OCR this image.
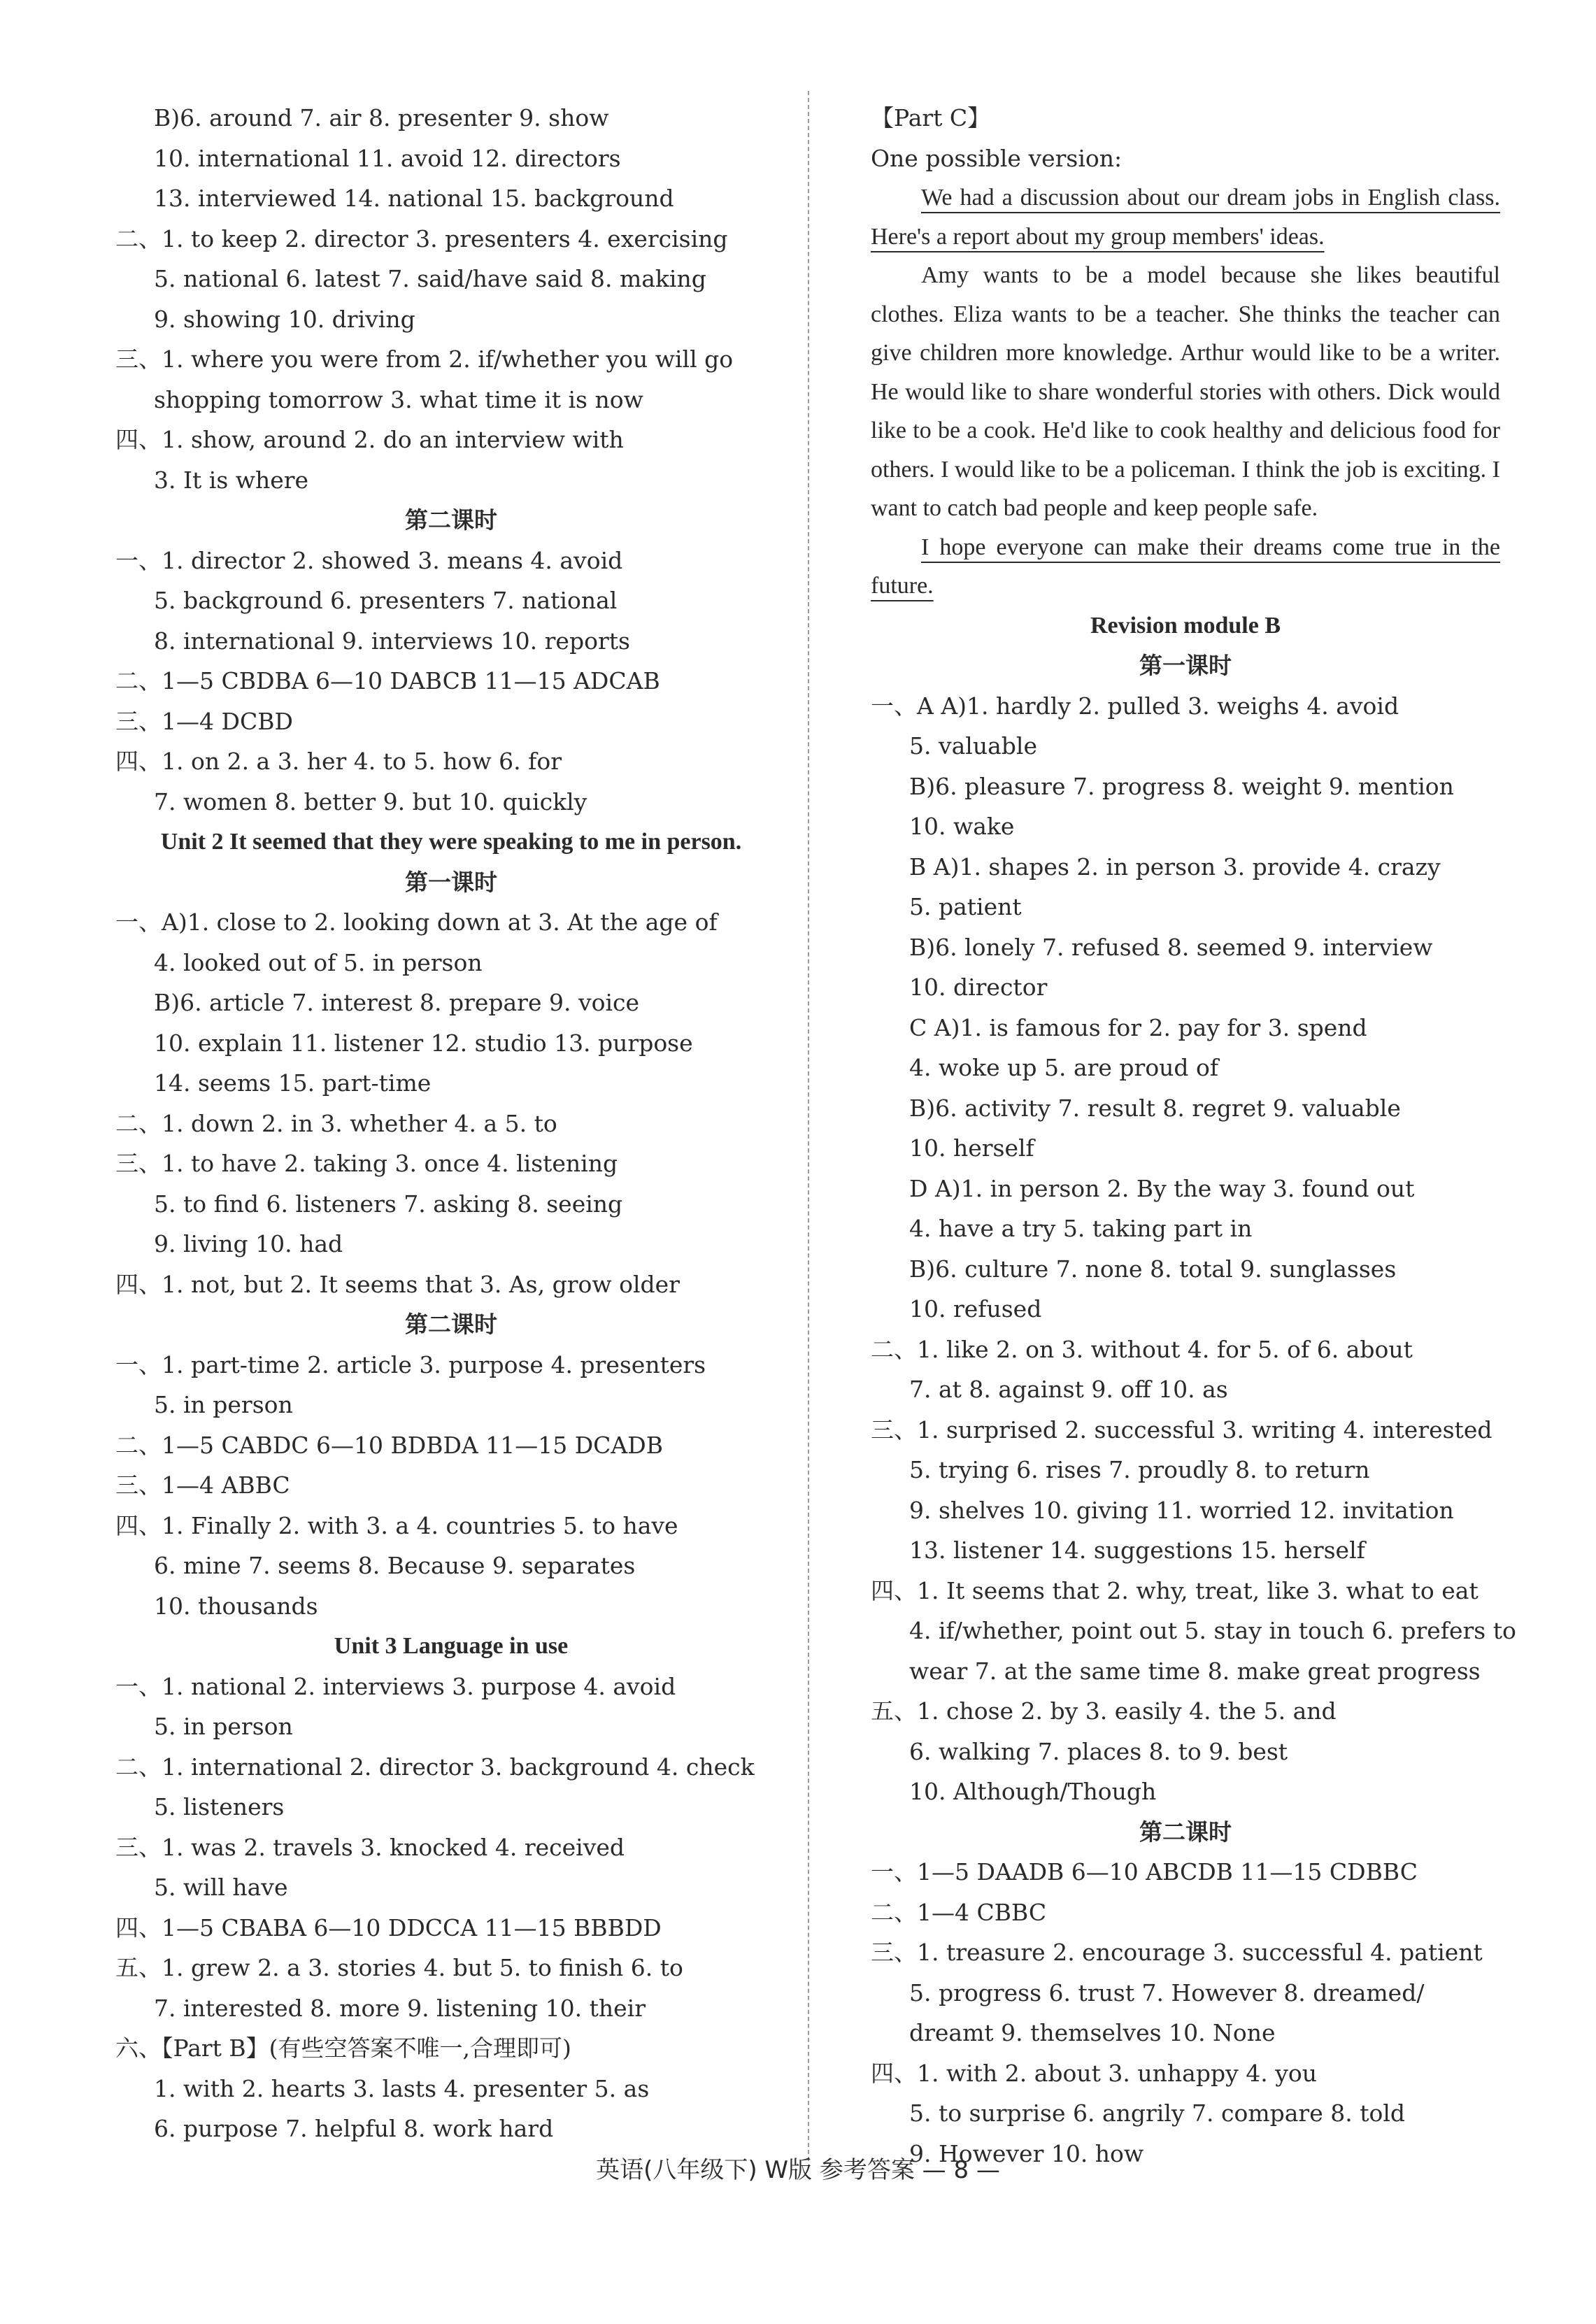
B)6. around 7. air 8. presenter 9. show
10. international 11. avoid 12. directors
13. interviewed 14. national 15. background
二、1. to keep 2. director 3. presenters 4. exercising
5. national 6. latest 7. said/have said 8. making
9. showing 10. driving
三、1. where you were from 2. if/whether you will go
shopping tomorrow 3. what time it is now
四、1. show, around 2. do an interview with
3. It is where
第二课时
一、1. director 2. showed 3. means 4. avoid
5. background 6. presenters 7. national
8. international 9. interviews 10. reports
二、1—5 CBDBA 6—10 DABCB 11—15 ADCAB
三、1—4 DCBD
四、1. on 2. a 3. her 4. to 5. how 6. for
7. women 8. better 9. but 10. quickly
Unit 2 It seemed that they were speaking to me in person.
第一课时
一、A)1. close to 2. looking down at 3. At the age of
4. looked out of 5. in person
B)6. article 7. interest 8. prepare 9. voice
10. explain 11. listener 12. studio 13. purpose
14. seems 15. part-time
二、1. down 2. in 3. whether 4. a 5. to
三、1. to have 2. taking 3. once 4. listening
5. to find 6. listeners 7. asking 8. seeing
9. living 10. had
四、1. not, but 2. It seems that 3. As, grow older
第二课时
一、1. part-time 2. article 3. purpose 4. presenters
5. in person
二、1—5 CABDC 6—10 BDBDA 11—15 DCADB
三、1—4 ABBC
四、1. Finally 2. with 3. a 4. countries 5. to have
6. mine 7. seems 8. Because 9. separates
10. thousands
Unit 3 Language in use
一、1. national 2. interviews 3. purpose 4. avoid
5. in person
二、1. international 2. director 3. background 4. check
5. listeners
三、1. was 2. travels 3. knocked 4. received
5. will have
四、1—5 CBABA 6—10 DDCCA 11—15 BBBDD
五、1. grew 2. a 3. stories 4. but 5. to finish 6. to
7. interested 8. more 9. listening 10. their
六、【Part B】(有些空答案不唯一,合理即可)
1. with 2. hearts 3. lasts 4. presenter 5. as
6. purpose 7. helpful 8. work hard
【Part C】
One possible version:

We had a discussion about our dream jobs in English class. Here's a report about my group members' ideas.

Amy wants to be a model because she likes beautiful clothes. Eliza wants to be a teacher. She thinks the teacher can give children more knowledge. Arthur would like to be a writer. He would like to share wonderful stories with others. Dick would like to be a cook. He'd like to cook healthy and delicious food for others. I would like to be a policeman. I think the job is exciting. I want to catch bad people and keep people safe.

I hope everyone can make their dreams come true in the future.

Revision module B
第一课时
一、A A)1. hardly 2. pulled 3. weighs 4. avoid
5. valuable
B)6. pleasure 7. progress 8. weight 9. mention
10. wake
B A)1. shapes 2. in person 3. provide 4. crazy
5. patient
B)6. lonely 7. refused 8. seemed 9. interview
10. director
C A)1. is famous for 2. pay for 3. spend
4. woke up 5. are proud of
B)6. activity 7. result 8. regret 9. valuable
10. herself
D A)1. in person 2. By the way 3. found out
4. have a try 5. taking part in
B)6. culture 7. none 8. total 9. sunglasses
10. refused
二、1. like 2. on 3. without 4. for 5. of 6. about
7. at 8. against 9. off 10. as
三、1. surprised 2. successful 3. writing 4. interested
5. trying 6. rises 7. proudly 8. to return
9. shelves 10. giving 11. worried 12. invitation
13. listener 14. suggestions 15. herself
四、1. It seems that 2. why, treat, like 3. what to eat
4. if/whether, point out 5. stay in touch 6. prefers to
wear 7. at the same time 8. make great progress
五、1. chose 2. by 3. easily 4. the 5. and
6. walking 7. places 8. to 9. best
10. Although/Though
第二课时
一、1—5 DAADB 6—10 ABCDB 11—15 CDBBC
二、1—4 CBBC
三、1. treasure 2. encourage 3. successful 4. patient
5. progress 6. trust 7. However 8. dreamed/
dreamt 9. themselves 10. None
四、1. with 2. about 3. unhappy 4. you
5. to surprise 6. angrily 7. compare 8. told
9. However 10. how
英语(八年级下) W版 参考答案 — 8 —
